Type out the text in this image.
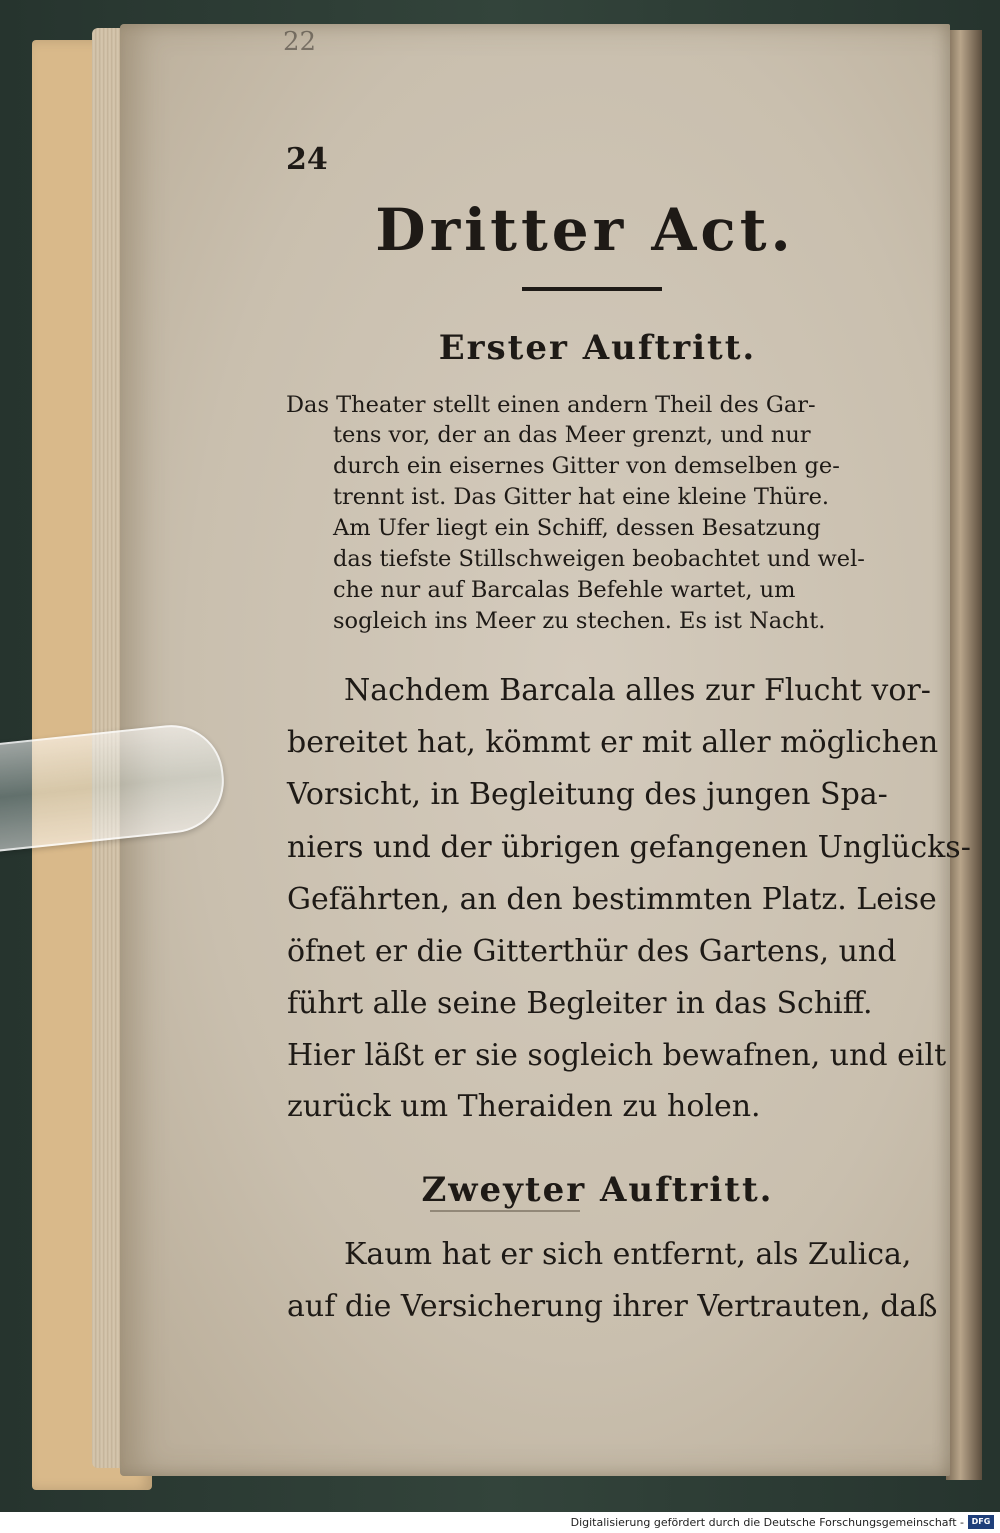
22
24
Dritter Act.
Erster Auftritt.
Das Theater stellt einen andern Theil des Gar-
tens vor, der an das Meer grenzt, und nur
durch ein eisernes Gitter von demselben ge-
trennt ist. Das Gitter hat eine kleine Thüre.
Am Ufer liegt ein Schiff, dessen Besatzung
das tiefste Stillschweigen beobachtet und wel-
che nur auf Barcalas Befehle wartet, um
sogleich ins Meer zu stechen. Es ist Nacht.
Nachdem Barcala alles zur Flucht vor-
bereitet hat, kömmt er mit aller möglichen
Vorsicht, in Begleitung des jungen Spa-
niers und der übrigen gefangenen Unglücks-
Gefährten, an den bestimmten Platz. Leise
öfnet er die Gitterthür des Gartens, und
führt alle seine Begleiter in das Schiff.
Hier läßt er sie sogleich bewafnen, und eilt
zurück um Theraiden zu holen.
Zweyter Auftritt.
Kaum hat er sich entfernt, als Zulica,
auf die Versicherung ihrer Vertrauten, daß
Digitalisierung gefördert durch die Deutsche Forschungsgemeinschaft - DFG
